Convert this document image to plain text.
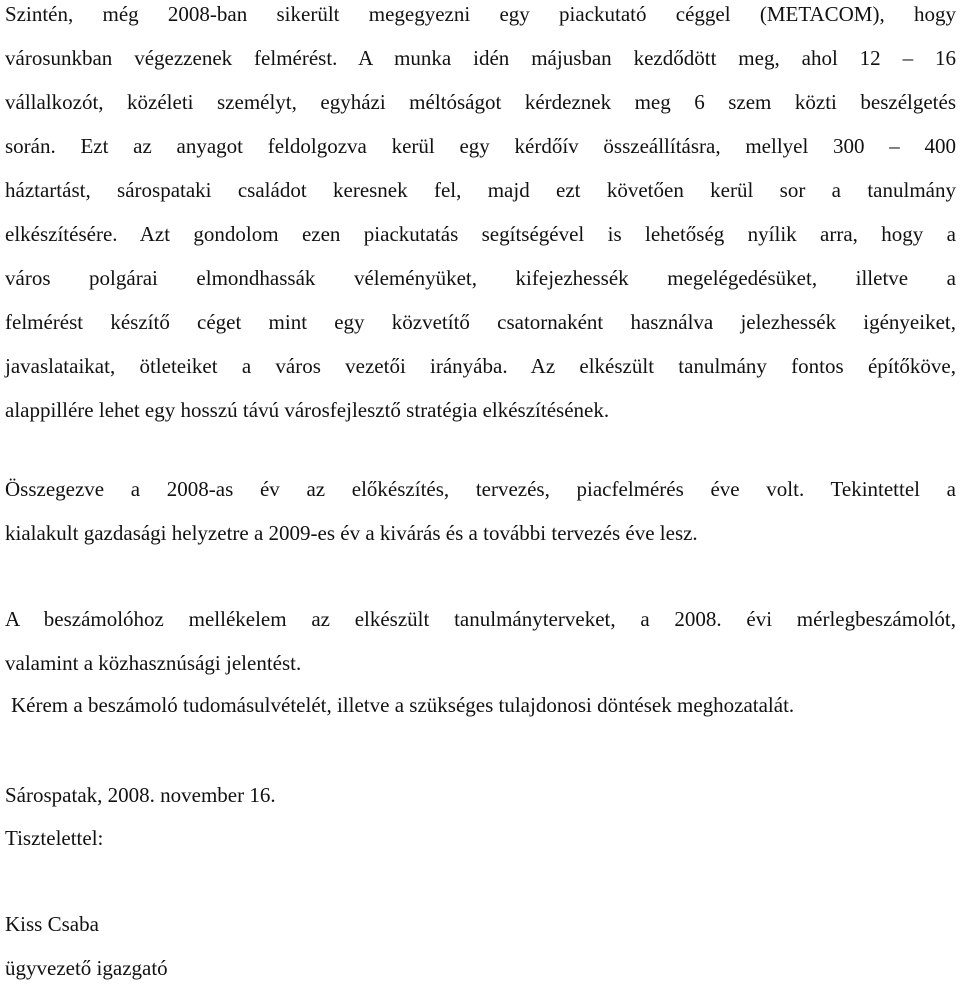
Szintén, még 2008-ban sikerült megegyezni egy piackutató céggel (METACOM), hogy
városunkban végezzenek felmérést. A munka idén májusban kezdődött meg, ahol 12 – 16
vállalkozót, közéleti személyt, egyházi méltóságot kérdeznek meg 6 szem közti beszélgetés
során. Ezt az anyagot feldolgozva kerül egy kérdőív összeállításra, mellyel 300 – 400
háztartást, sárospataki családot keresnek fel, majd ezt követően kerül sor a tanulmány
elkészítésére. Azt gondolom ezen piackutatás segítségével is lehetőség nyílik arra, hogy a
város polgárai elmondhassák véleményüket, kifejezhessék megelégedésüket, illetve a
felmérést készítő céget mint egy közvetítő csatornaként használva jelezhessék igényeiket,
javaslataikat, ötleteiket a város vezetői irányába. Az elkészült tanulmány fontos építőköve,
alappillére lehet egy hosszú távú városfejlesztő stratégia elkészítésének.
Összegezve a 2008-as év az előkészítés, tervezés, piacfelmérés éve volt. Tekintettel a
kialakult gazdasági helyzetre a 2009-es év a kivárás és a további tervezés éve lesz.
A beszámolóhoz mellékelem az elkészült tanulmányterveket, a 2008. évi mérlegbeszámolót,
valamint a közhasznúsági jelentést.
Kérem a beszámoló tudomásulvételét, illetve a szükséges tulajdonosi döntések meghozatalát.
Sárospatak, 2008. november 16.
Tisztelettel:
Kiss Csaba
ügyvezető igazgató
